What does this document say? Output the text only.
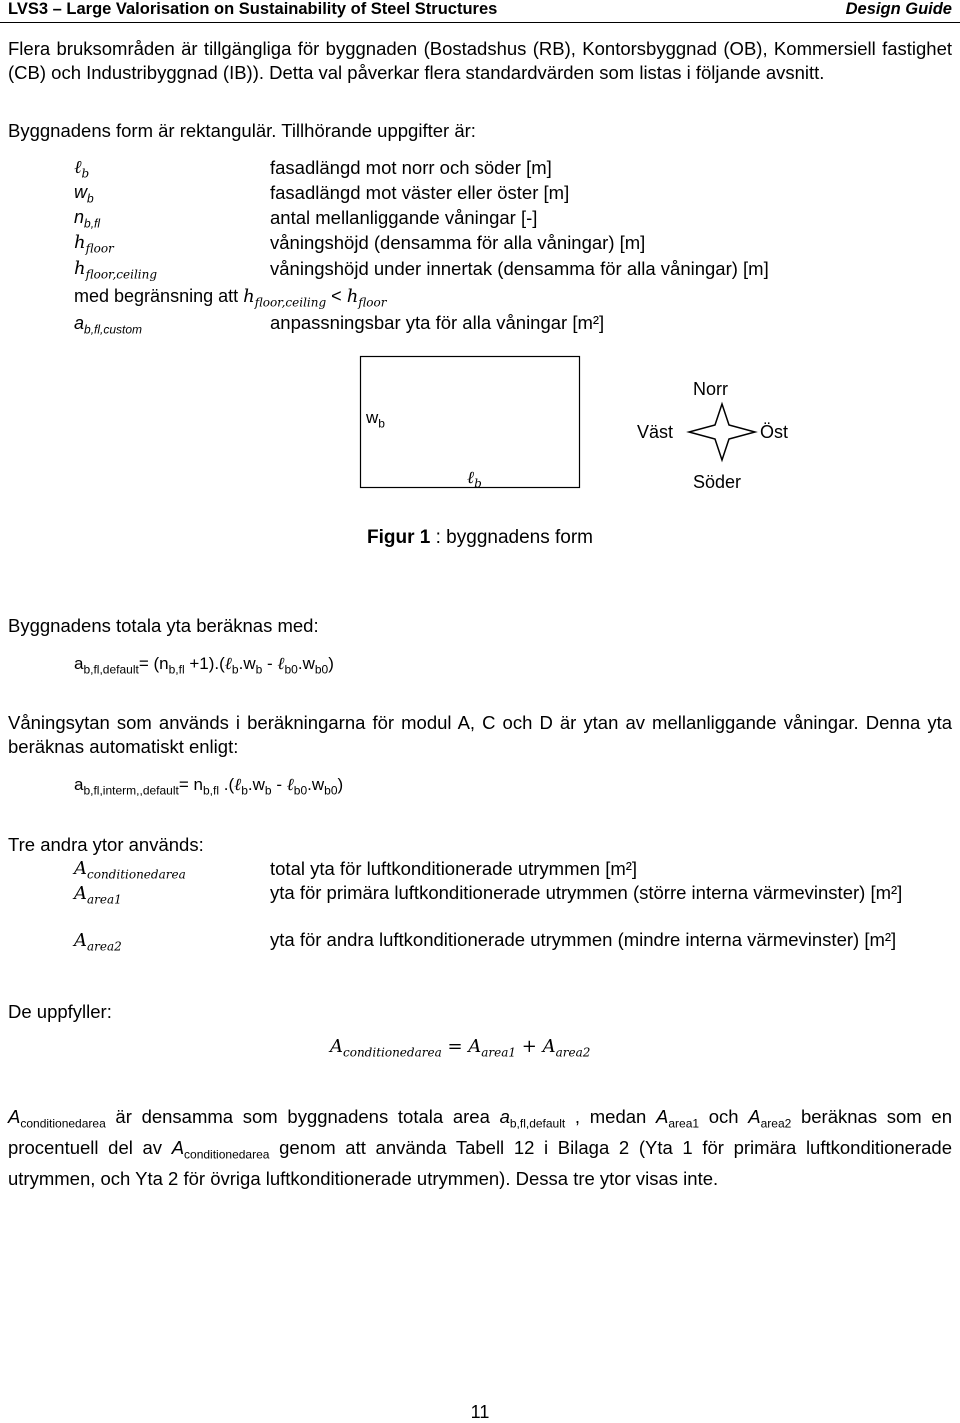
LVS3 – Large Valorisation on Sustainability of Steel Structures	Design Guide
Flera bruksområden är tillgängliga för byggnaden (Bostadshus (RB), Kontorsbyggnad (OB), Kommersiell fastighet (CB) och Industribyggnad (IB)). Detta val påverkar flera standardvärden som listas i följande avsnitt.
Byggnadens form är rektangulär. Tillhörande uppgifter är:
ℓ$_b$	fasadlängd mot norr och söder [m]
$w_b$	fasadlängd mot väster eller öster [m]
$n_{b,fl}$	antal mellanliggande våningar [-]
$h_{floor}$	våningshöjd (densamma för alla våningar) [m]
$h_{floor,ceiling}$	våningshöjd under innertak (densamma för alla våningar) [m]
med begränsning att $h_{floor,ceiling} < h_{floor}$
$a_{b,fl,custom}$	anpassningsbar yta för alla våningar [m²]
$w_b$
ℓ$_b$
Norr
Väst	Öst
Söder
Figur 1 : byggnadens form
Byggnadens totala yta beräknas med:
$a_{b,fl,default}= (n_{b,fl}$ $+1).(\ell_b.w_b$ - $\ell_{b0}.w_{b0}$)
Våningsytan som används i beräkningarna för modul A, C och D är ytan av mellanliggande våningar. Denna yta beräknas automatiskt enligt:
$a_{b,fl,interm,,default}= n_{b,fl}$ $.(\ell_b.w_b$ - $\ell_{b0}.w_{b0}$)
Tre andra ytor används:
$A_{conditionedarea}$	total yta för luftkonditionerade utrymmen [m²]
$A_{area1}$	yta för primära luftkonditionerade utrymmen (större interna värmevinster) [m²]
$A_{area2}$	yta för andra luftkonditionerade utrymmen (mindre interna värmevinster) [m²]
De uppfyller:
$A_{conditionedarea} = A_{area1} + A_{area2}$
$A_{conditionedarea}$ är densamma som byggnadens totala area $a_{b,fl,default}$ , medan $A_{area1}$ och $A_{area2}$ beräknas som en procentuell del av $A_{conditionedarea}$ genom att använda Tabell 12 i Bilaga 2 (Yta 1 för primära luftkonditionerade utrymmen, och Yta 2 för övriga luftkonditionerade utrymmen). Dessa tre ytor visas inte.
11
